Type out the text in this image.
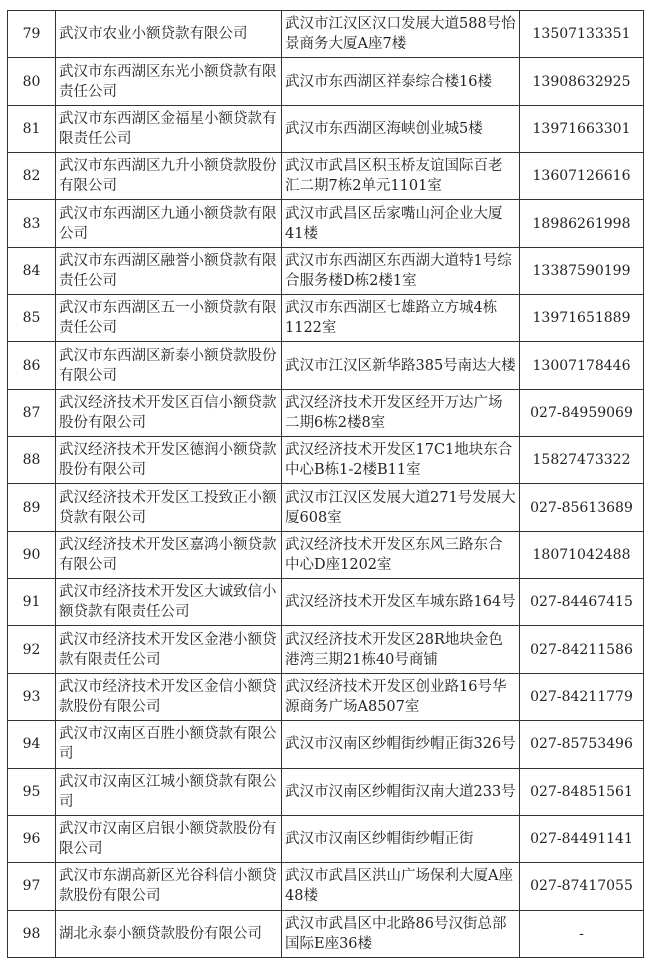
79	武汉市农业小额贷款有限公司	武汉市江汉区汉口发展大道588号怡景商务大厦A座7楼	13507133351
80	武汉市东西湖区东光小额贷款有限责任公司	武汉市东西湖区祥泰综合楼16楼	13908632925
81	武汉市东西湖区金福星小额贷款有限责任公司	武汉市东西湖区海峡创业城5楼	13971663301
82	武汉市东西湖区九升小额贷款股份有限公司	武汉市武昌区积玉桥友谊国际百老汇二期7栋2单元1101室	13607126616
83	武汉市东西湖区九通小额贷款有限公司	武汉市武昌区岳家嘴山河企业大厦41楼	18986261998
84	武汉市东西湖区融誉小额贷款有限责任公司	武汉市东西湖区东西湖大道特1号综合服务楼D栋2楼1室	13387590199
85	武汉市东西湖区五一小额贷款有限责任公司	武汉市东西湖区七雄路立方城4栋1122室	13971651889
86	武汉市东西湖区新泰小额贷款股份有限公司	武汉市江汉区新华路385号南达大楼	13007178446
87	武汉经济技术开发区百信小额贷款股份有限公司	武汉经济技术开发区经开万达广场二期6栋2楼8室	027-84959069
88	武汉经济技术开发区德润小额贷款股份有限公司	武汉经济技术开发区17C1地块东合中心B栋1-2楼B11室	15827473322
89	武汉经济技术开发区工投致正小额贷款有限公司	武汉市江汉区发展大道271号发展大厦608室	027-85613689
90	武汉经济技术开发区嘉鸿小额贷款有限公司	武汉经济技术开发区东风三路东合中心D座1202室	18071042488
91	武汉市经济技术开发区大诚致信小额贷款有限责任公司	武汉经济技术开发区车城东路164号	027-84467415
92	武汉市经济技术开发区金港小额贷款有限责任公司	武汉经济技术开发区28R地块金色港湾三期21栋40号商铺	027-84211586
93	武汉市经济技术开发区金信小额贷款股份有限公司	武汉经济技术开发区创业路16号华源商务广场A8507室	027-84211779
94	武汉市汉南区百胜小额贷款有限公司	武汉市汉南区纱帽街纱帽正街326号	027-85753496
95	武汉市汉南区江城小额贷款有限公司	武汉市汉南区纱帽街汉南大道233号	027-84851561
96	武汉市汉南区启银小额贷款股份有限公司	武汉市汉南区纱帽街纱帽正街	027-84491141
97	武汉市东湖高新区光谷科信小额贷款股份有限公司	武汉市武昌区洪山广场保利大厦A座48楼	027-87417055
98	湖北永泰小额贷款股份有限公司	武汉市武昌区中北路86号汉街总部国际E座36楼	-
